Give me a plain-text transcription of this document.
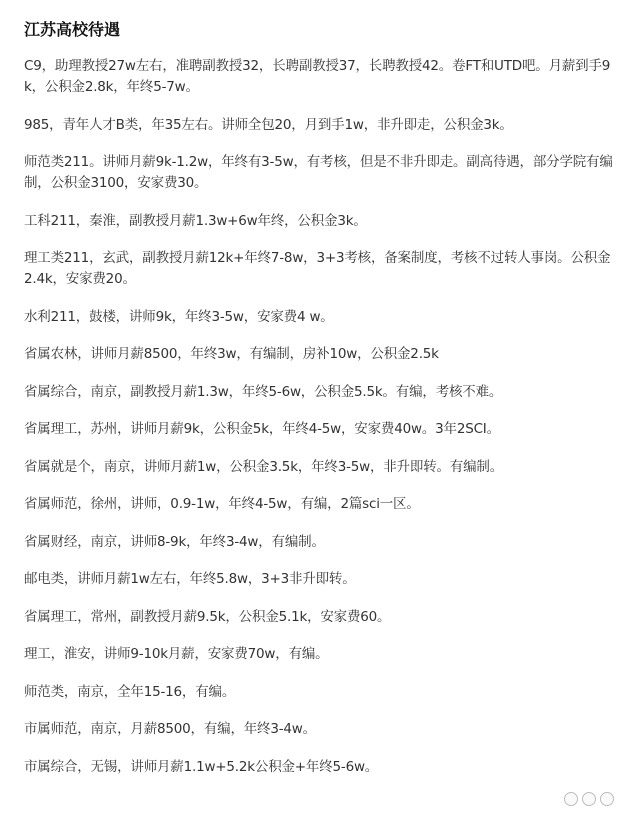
江苏高校待遇

C9，助理教授27w左右，准聘副教授32，长聘副教授37，长聘教授42。卷FT和UTD吧。月薪到手9k，公积金2.8k，年终5-7w。

985，青年人才B类，年35左右。讲师全包20，月到手1w，非升即走，公积金3k。

师范类211。讲师月薪9k-1.2w，年终有3-5w，有考核，但是不非升即走。副高待遇，部分学院有编制，公积金3100，安家费30。

工科211，秦淮，副教授月薪1.3w+6w年终，公积金3k。

理工类211，玄武，副教授月薪12k+年终7-8w，3+3考核，备案制度，考核不过转人事岗。公积金2.4k，安家费20。

水利211，鼓楼，讲师9k，年终3-5w，安家费4 w。

省属农林，讲师月薪8500，年终3w，有编制，房补10w，公积金2.5k

省属综合，南京，副教授月薪1.3w，年终5-6w，公积金5.5k。有编，考核不难。

省属理工，苏州，讲师月薪9k，公积金5k，年终4-5w，安家费40w。3年2SCI。

省属就是个，南京，讲师月薪1w，公积金3.5k，年终3-5w，非升即转。有编制。

省属师范，徐州，讲师，0.9-1w，年终4-5w，有编，2篇sci一区。

省属财经，南京，讲师8-9k，年终3-4w，有编制。

邮电类，讲师月薪1w左右，年终5.8w，3+3非升即转。

省属理工，常州，副教授月薪9.5k，公积金5.1k，安家费60。

理工，淮安，讲师9-10k月薪，安家费70w，有编。

师范类，南京，全年15-16，有编。

市属师范，南京，月薪8500，有编，年终3-4w。

市属综合，无锡，讲师月薪1.1w+5.2k公积金+年终5-6w。
